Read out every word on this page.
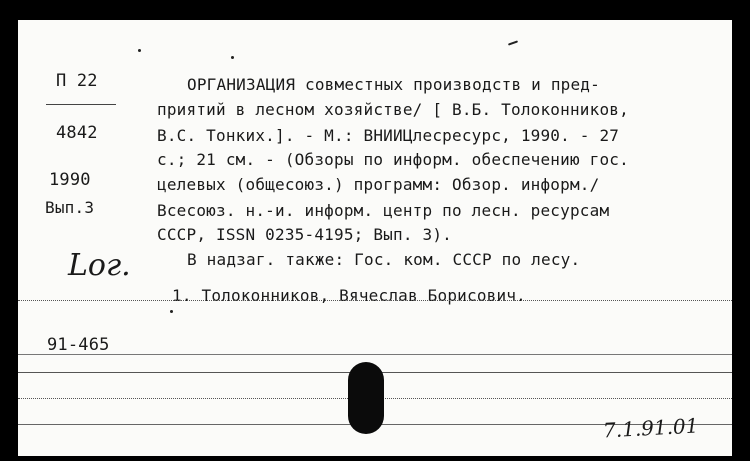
П 22
4842
1990
Вып.3
Lог.
91-465
ОРГАНИЗАЦИЯ совместных производств и пред-
приятий в лесном хозяйстве/ [ В.Б. Толоконников,
В.С. Тонких.]. - М.: ВНИИЦлесресурс, 1990. - 27
с.; 21 см. - (Обзоры по информ. обеспечению гос.
целевых (общесоюз.) программ: Обзор. информ./
Всесоюз. н.-и. информ. центр по лесн. ресурсам
СССР, ISSN 0235-4195; Вып. 3).
В надзаг. также: Гос. ком. СССР по лесу.
1. Толоконников, Вячеслав Борисович.
7.1.91.01
